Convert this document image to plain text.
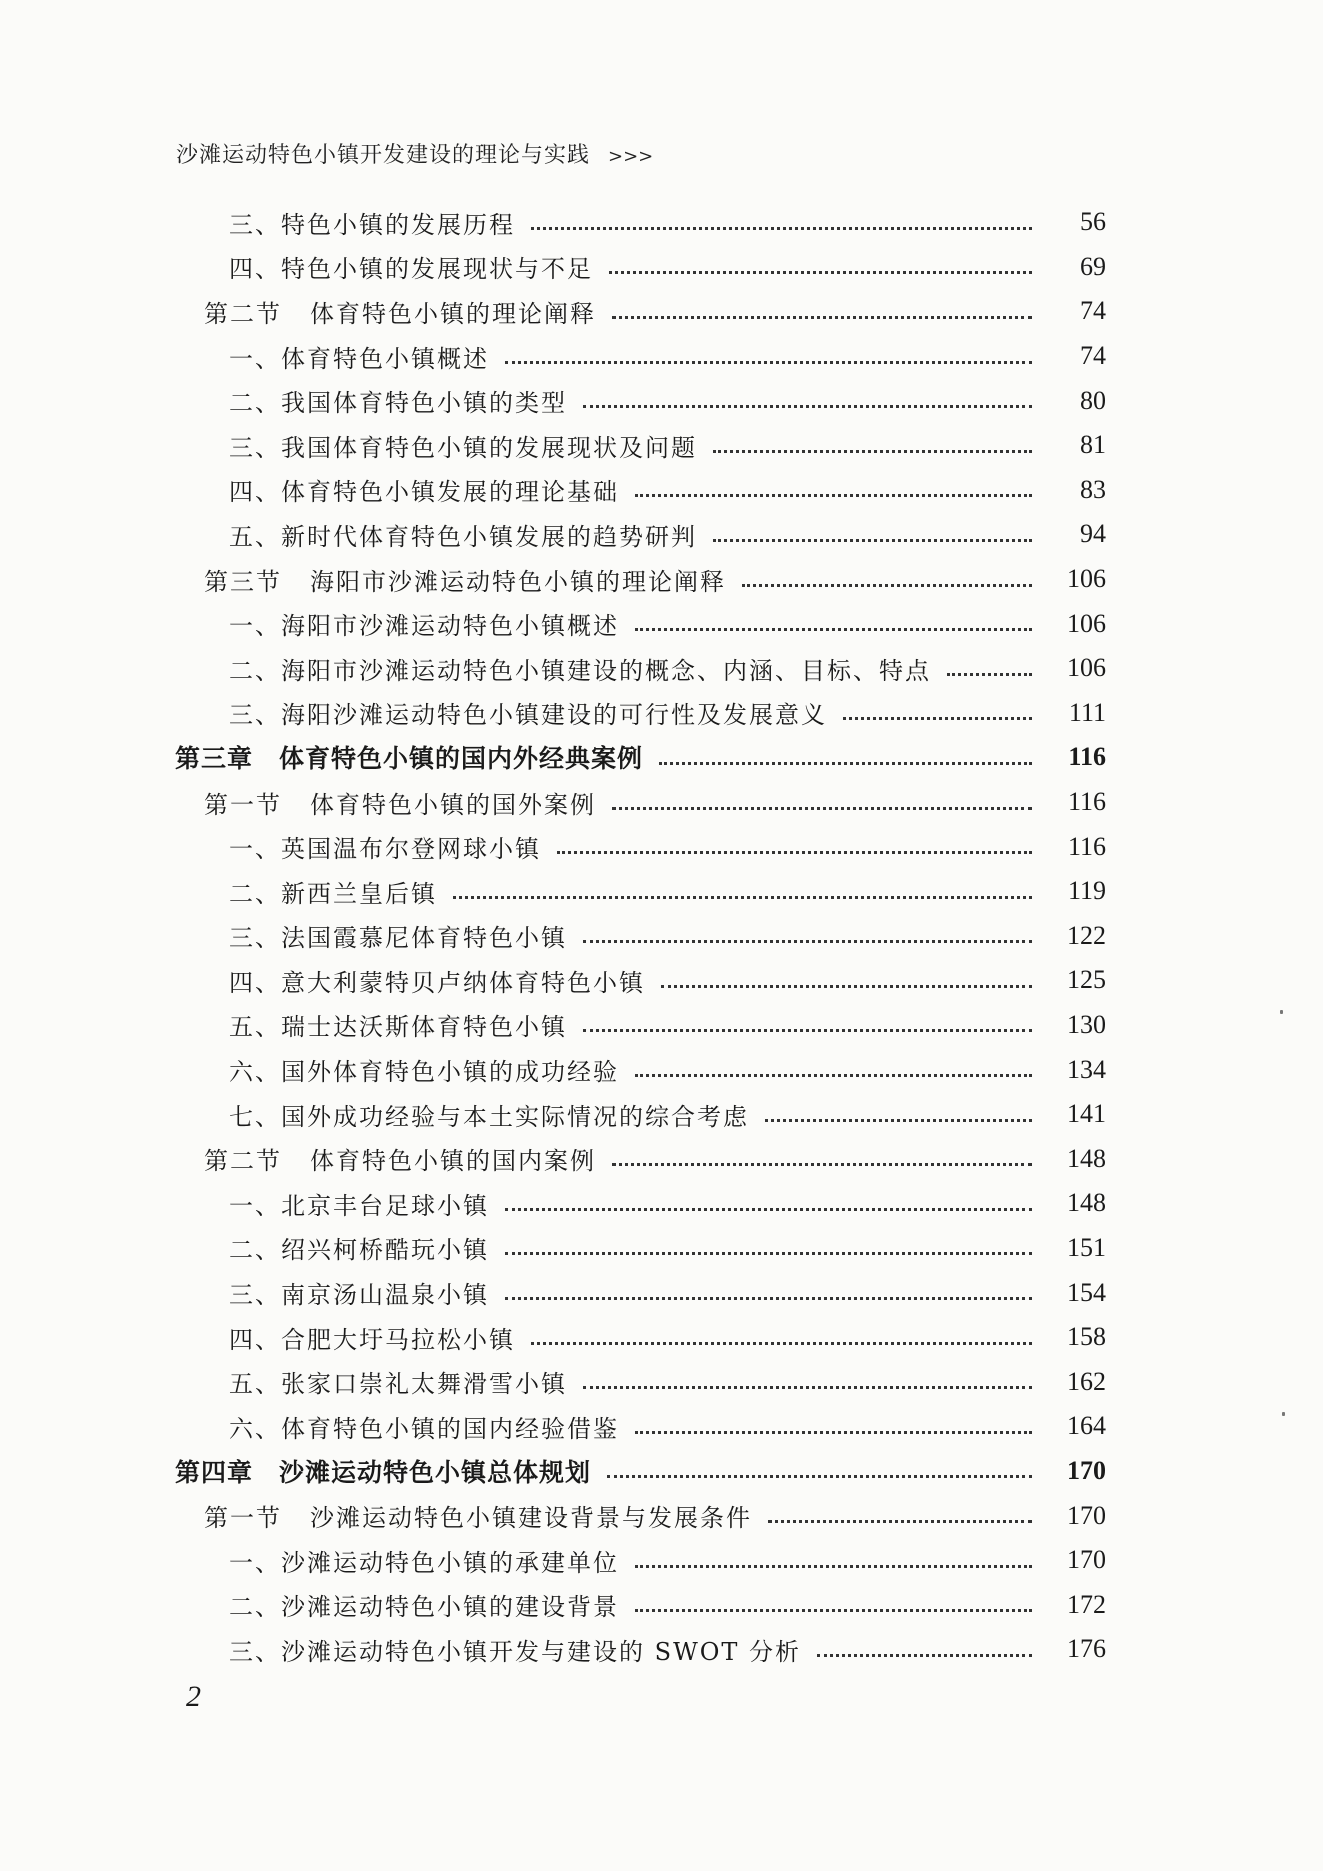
沙滩运动特色小镇开发建设的理论与实践 >>>
三、特色小镇的发展历程	56
四、特色小镇的发展现状与不足	69
第二节 体育特色小镇的理论阐释	74
一、体育特色小镇概述	74
二、我国体育特色小镇的类型	80
三、我国体育特色小镇的发展现状及问题	81
四、体育特色小镇发展的理论基础	83
五、新时代体育特色小镇发展的趋势研判	94
第三节 海阳市沙滩运动特色小镇的理论阐释	106
一、海阳市沙滩运动特色小镇概述	106
二、海阳市沙滩运动特色小镇建设的概念、内涵、目标、特点	106
三、海阳沙滩运动特色小镇建设的可行性及发展意义	111
第三章 体育特色小镇的国内外经典案例	116
第一节 体育特色小镇的国外案例	116
一、英国温布尔登网球小镇	116
二、新西兰皇后镇	119
三、法国霞慕尼体育特色小镇	122
四、意大利蒙特贝卢纳体育特色小镇	125
五、瑞士达沃斯体育特色小镇	130
六、国外体育特色小镇的成功经验	134
七、国外成功经验与本土实际情况的综合考虑	141
第二节 体育特色小镇的国内案例	148
一、北京丰台足球小镇	148
二、绍兴柯桥酷玩小镇	151
三、南京汤山温泉小镇	154
四、合肥大圩马拉松小镇	158
五、张家口崇礼太舞滑雪小镇	162
六、体育特色小镇的国内经验借鉴	164
第四章 沙滩运动特色小镇总体规划	170
第一节 沙滩运动特色小镇建设背景与发展条件	170
一、沙滩运动特色小镇的承建单位	170
二、沙滩运动特色小镇的建设背景	172
三、沙滩运动特色小镇开发与建设的 SWOT 分析	176
2
